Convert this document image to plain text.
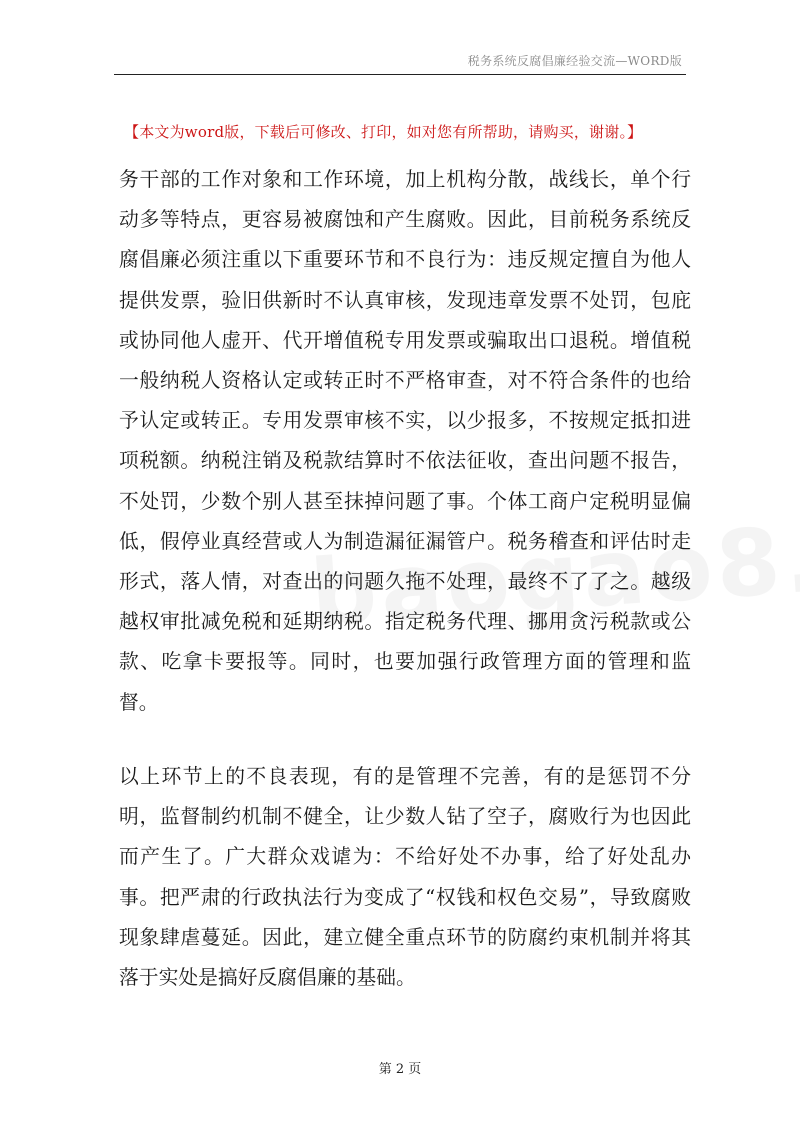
税务系统反腐倡廉经验交流—WORD版
【本文为word版，下载后可修改、打印，如对您有所帮助，请购买，谢谢。】

务干部的工作对象和工作环境，加上机构分散，战线长，单个行动多等特点，更容易被腐蚀和产生腐败。因此，目前税务系统反腐倡廉必须注重以下重要环节和不良行为：违反规定擅自为他人提供发票，验旧供新时不认真审核，发现违章发票不处罚，包庇或协同他人虚开、代开增值税专用发票或骗取出口退税。增值税一般纳税人资格认定或转正时不严格审查，对不符合条件的也给予认定或转正。专用发票审核不实，以少报多，不按规定抵扣进项税额。纳税注销及税款结算时不依法征收，查出问题不报告，不处罚，少数个别人甚至抹掉问题了事。个体工商户定税明显偏低，假停业真经营或人为制造漏征漏管户。税务稽查和评估时走形式，落人情，对查出的问题久拖不处理，最终不了了之。越级越权审批减免税和延期纳税。指定税务代理、挪用贪污税款或公款、吃拿卡要报等。同时，也要加强行政管理方面的管理和监督。

以上环节上的不良表现，有的是管理不完善，有的是惩罚不分明，监督制约机制不健全，让少数人钻了空子，腐败行为也因此而产生了。广大群众戏谑为：不给好处不办事，给了好处乱办事。把严肃的行政执法行为变成了“权钱和权色交易”，导致腐败现象肆虐蔓延。因此，建立健全重点环节的防腐约束机制并将其落于实处是搞好反腐倡廉的基础。

第 2 页
